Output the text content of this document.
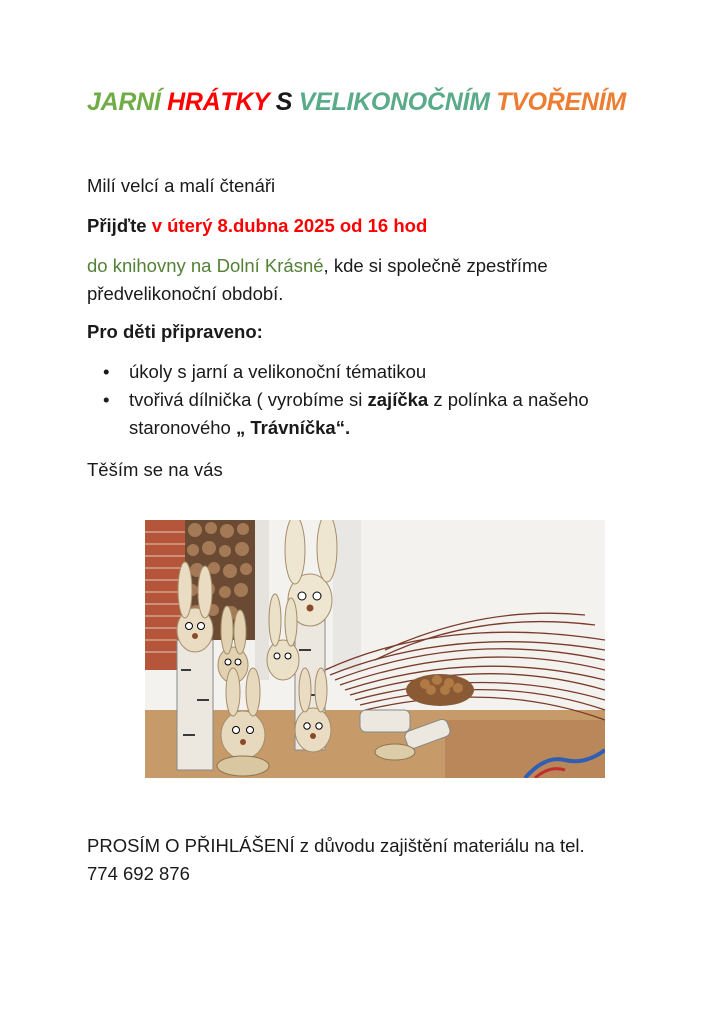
JARNÍ HRÁTKY S VELIKONOČNÍM TVOŘENÍM

Milí velcí a malí čtenáři

Přijďte v úterý 8.dubna 2025 od 16 hod

do knihovny na Dolní Krásné, kde si společně zpestříme
předvelikonoční období.

Pro děti připraveno:

• úkoly s jarní a velikonoční tématikou
• tvořivá dílnička ( vyrobíme si zajíčka z polínka a našeho
staronového „ Trávníčka“.

Těším se na vás

PROSÍM O PŘIHLÁŠENÍ z důvodu zajištění materiálu na tel.
774 692 876
